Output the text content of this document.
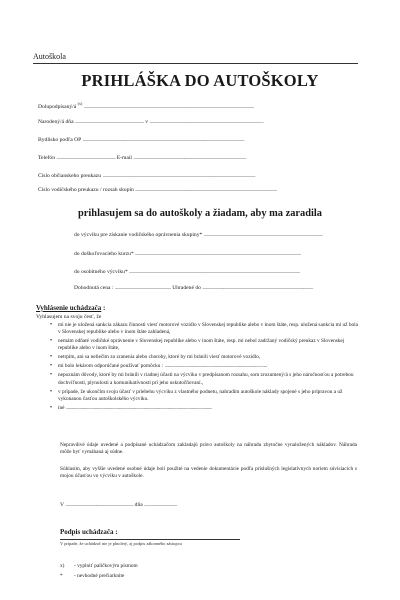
Autoškola
PRIHLÁŠKA DO AUTOŠKOLY
Dolupodpísaný/á $^{(x)}$ ..........................................................................................................................................................................
Narodený/á dňa ..................................................................... v ..................................................................................................................
Bydlisko podľa OP ..................................................................................................................................................................
Telefón ........................................................... E-mail .................................................................................................................
Číslo občianskeho preukazu .........................................................................................................................................................
Číslo vodičského preukazu / rozsah skupín ..............................................................................................................................................
prihlasujem sa do autoškoly a žiadam, aby ma zaradila
do výcviku pre získanie vodičského oprávnenia skupiny* .......................................................................................................................
do doškoľovacieho kurzu* ......................................................................................................................................................................
do osobitného výcviku* ...........................................................................................................................................................................
Dohodnutá cena : ........................................................ Uhradené do ...............................................................................................................
Vyhlásenie uchádzača :
Vyhlasujem na svoju česť, že
• mi nie je uložená sankcia zákazu činnosti viesť motorové vozidlo v Slovenskej republike alebo v inom štáte, resp. uložená sankcia mi už bola v Slovenskej republike alebo v inom štáte zahladená,
• nemám odňaté vodičské oprávnenie v Slovenskej republike alebo v inom štáte, resp. mi nebol zadržaný vodičský preukaz v Slovenskej republike alebo v inom štáte,
• netrpím, ani sa neliečim zo zranenia alebo choroby, ktoré by mi bránili viesť motorové vozidlo,
• mi bolo lekárom odporúčané používať pomôcku : ...............................................................................................................
• nepoznám dôvody, ktoré by mi bránili v riadnej účasti na výcviku v predpísanom rozsahu, som zrozumený/á s jeho náročnosťou a potrebou dochvíľnosti, plynulosti a komunikatívnosti pri jeho uskutočňovaní.,
• v prípade, že ukončím svoju účasť v priebehu výcviku z vlastného podnetu, nahradím autoškole náklady spojené s jeho prípravou a už vykonanou časťou autoškolského výcviku.
• iné ..............................................................................................................................................................
Nepravdivé údaje uvedené a podpísané uchádzačom zakladajú právo autoškoly na náhradu zbytočne vynaložených nákladov. Náhrada môže byť vymáhaná aj súdne.
Súhlasím, aby vyššie uvedené osobné údaje boli použité na vedenie dokumentácie podľa príslušných legislatívnych noriem súvisiacich s mojou účasťou vo výcviku v autoškole.
V .................................................................... dňa .................................
Podpis uchádzača :
V prípade, že uchádzač nie je plnoletý, aj podpis zákonného zástupcu
x) - vyplniť paličkovým písmom
* - nevhodné prečiarknite
